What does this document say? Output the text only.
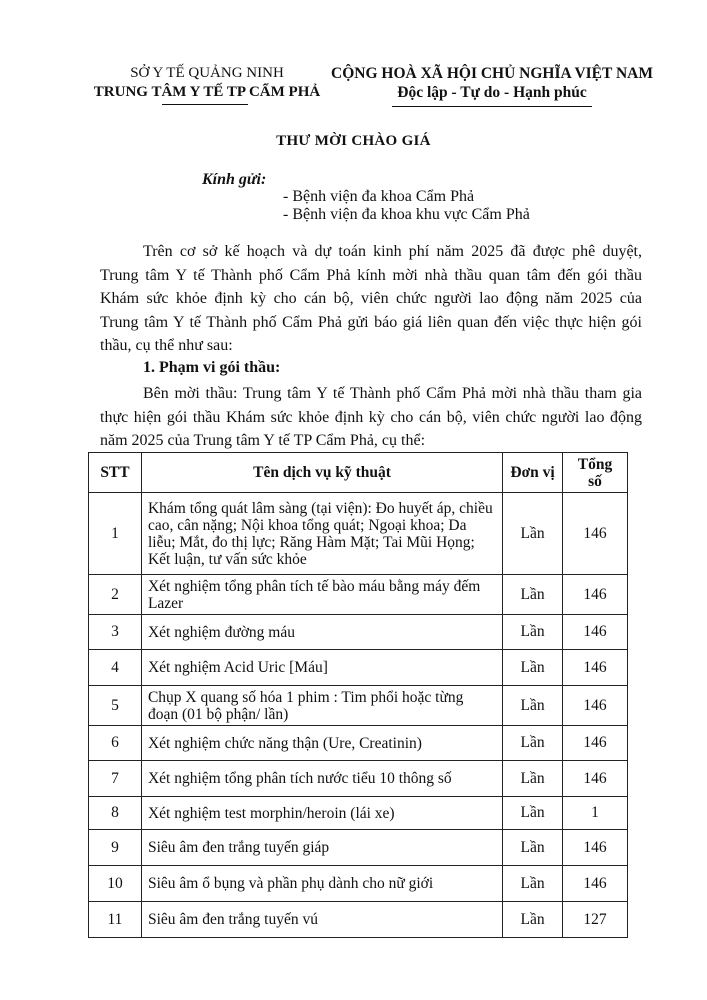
SỞ Y TẾ QUẢNG NINH
TRUNG TÂM Y TẾ TP CẨM PHẢ
CỘNG HOÀ XÃ HỘI CHỦ NGHĨA VIỆT NAM
Độc lập - Tự do - Hạnh phúc
THƯ MỜI CHÀO GIÁ
Kính gửi:
- Bệnh viện đa khoa Cẩm Phả
- Bệnh viện đa khoa khu vực Cẩm Phả
Trên cơ sở kế hoạch và dự toán kinh phí năm 2025 đã được phê duyệt,
Trung tâm Y tế Thành phố Cẩm Phả kính mời nhà thầu quan tâm đến gói thầu
Khám sức khỏe định kỳ cho cán bộ, viên chức người lao động năm 2025 của
Trung tâm Y tế Thành phố Cẩm Phả gửi báo giá liên quan đến việc thực hiện gói
thầu, cụ thể như sau:
1. Phạm vi gói thầu:
Bên mời thầu: Trung tâm Y tế Thành phố Cẩm Phả mời nhà thầu tham gia
thực hiện gói thầu Khám sức khỏe định kỳ cho cán bộ, viên chức người lao động
năm 2025 của Trung tâm Y tế TP Cẩm Phả, cụ thể:
STT	Tên dịch vụ kỹ thuật	Đơn vị	Tổng số
1	Khám tổng quát lâm sàng (tại viện): Đo huyết áp, chiều cao, cân nặng; Nội khoa tổng quát; Ngoại khoa; Da liễu; Mắt, đo thị lực; Răng Hàm Mặt; Tai Mũi Họng; Kết luận, tư vấn sức khỏe	Lần	146
2	Xét nghiệm tổng phân tích tế bào máu bằng máy đếm Lazer	Lần	146
3	Xét nghiệm đường máu	Lần	146
4	Xét nghiệm Acid Uric [Máu]	Lần	146
5	Chụp X quang số hóa 1 phim : Tim phổi hoặc từng đoạn (01 bộ phận/ lần)	Lần	146
6	Xét nghiệm chức năng thận (Ure, Creatinin)	Lần	146
7	Xét nghiệm tổng phân tích nước tiểu 10 thông số	Lần	146
8	Xét nghiệm test morphin/heroin (lái xe)	Lần	1
9	Siêu âm đen trắng tuyến giáp	Lần	146
10	Siêu âm ổ bụng và phần phụ dành cho nữ giới	Lần	146
11	Siêu âm đen trắng tuyến vú	Lần	127
